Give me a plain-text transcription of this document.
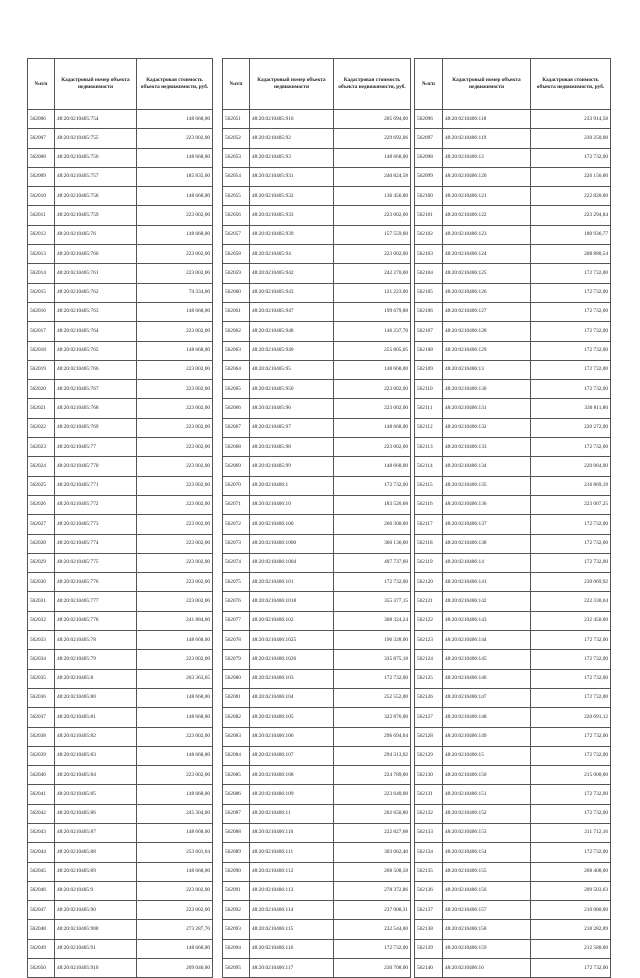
№п/п	Кадастровый номер объекта недвижимости	Кадастровая стоимость объекта недвижимости, руб.
562006	48:20:0210405:754	148 668,00
562007	48:20:0210405:755	223 002,00
562008	48:20:0210405:756	148 668,00
562009	48:20:0210405:757	185 835,00
562010	48:20:0210405:758	148 668,00
562011	48:20:0210405:759	223 002,00
562012	48:20:0210405:76	148 668,00
562013	48:20:0210405:760	223 002,00
562014	48:20:0210405:761	223 002,00
562015	48:20:0210405:762	74 334,00
562016	48:20:0210405:763	148 668,00
562017	48:20:0210405:764	223 002,00
562018	48:20:0210405:765	148 668,00
562019	48:20:0210405:766	223 002,00
562020	48:20:0210405:767	223 002,00
562021	48:20:0210405:768	223 002,00
562022	48:20:0210405:769	223 002,00
562023	48:20:0210405:77	223 002,00
562024	48:20:0210405:770	223 002,00
562025	48:20:0210405:771	223 002,00
562026	48:20:0210405:772	223 002,00
562027	48:20:0210405:773	223 002,00
562028	48:20:0210405:774	223 002,00
562029	48:20:0210405:775	223 002,00
562030	48:20:0210405:776	223 002,00
562031	48:20:0210405:777	223 002,00
562032	48:20:0210405:778	241 884,00
562033	48:20:0210405:78	148 668,00
562034	48:20:0210405:79	223 002,00
562035	48:20:0210405:8	203 363,65
562036	48:20:0210405:80	148 668,00
562037	48:20:0210405:81	148 668,00
562038	48:20:0210405:82	223 002,00
562039	48:20:0210405:83	148 668,00
562040	48:20:0210405:84	223 002,00
562041	48:20:0210405:85	148 668,00
562042	48:20:0210405:86	245 304,00
562043	48:20:0210405:87	148 668,00
562044	48:20:0210405:88	253 601,04
562045	48:20:0210405:89	148 668,00
562046	48:20:0210405:9	223 002,00
562047	48:20:0210405:90	223 002,00
562048	48:20:0210405:908	273 287,70
562049	48:20:0210405:91	148 668,00
562050	48:20:0210405:910	209 046,00
№п/п	Кадастровый номер объекта недвижимости	Кадастровая стоимость объекта недвижимости, руб.
562051	48:20:0210405:916	205 694,00
562052	48:20:0210405:92	229 692,06
562053	48:20:0210405:93	148 668,00
562054	48:20:0210405:931	240 824,58
562055	48:20:0210405:932	136 456,00
562056	48:20:0210405:933	223 002,00
562057	48:20:0210405:939	157 559,60
562058	48:20:0210405:94	223 002,00
562059	48:20:0210405:942	242 270,00
562060	48:20:0210405:943	121 223,00
562061	48:20:0210405:947	199 679,88
562062	48:20:0210405:948	146 237,70
562063	48:20:0210405:949	255 805,05
562064	48:20:0210405:95	148 668,00
562065	48:20:0210405:950	223 002,00
562066	48:20:0210405:96	223 002,00
562067	48:20:0210405:97	148 668,00
562068	48:20:0210405:98	223 002,00
562069	48:20:0210405:99	148 668,00
562070	48:20:0210406:1	172 732,00
562071	48:20:0210406:10	183 520,68
562072	48:20:0210406:100	260 300,00
562073	48:20:0210406:1000	360 136,00
562074	48:20:0210406:1004	407 737,60
562075	48:20:0210406:101	172 732,00
562076	48:20:0210406:1018	355 377,15
562077	48:20:0210406:102	308 324,24
562078	48:20:0210406:1025	196 328,00
562079	48:20:0210406:1026	335 875,18
562080	48:20:0210406:103	172 732,00
562081	48:20:0210406:104	252 552,00
562082	48:20:0210406:105	322 876,00
562083	48:20:0210406:106	296 694,04
562084	48:20:0210406:107	294 313,02
562085	48:20:0210406:108	224 789,00
562086	48:20:0210406:109	223 640,00
562087	48:20:0210406:11	202 650,80
562088	48:20:0210406:110	222 827,68
562089	48:20:0210406:111	303 062,40
562090	48:20:0210406:112	208 508,58
562091	48:20:0210406:113	278 372,86
562092	48:20:0210406:114	237 008,31
562093	48:20:0210406:115	232 544,00
562094	48:20:0210406:116	172 732,00
562095	48:20:0210406:117	230 708,00
№п/п	Кадастровый номер объекта недвижимости	Кадастровая стоимость объекта недвижимости, руб.
562096	48:20:0210406:118	233 914,58
562097	48:20:0210406:119	230 250,00
562098	48:20:0210406:12	172 732,00
562099	48:20:0210406:120	226 156,00
562100	48:20:0210406:121	222 820,00
562101	48:20:0210406:122	223 294,84
562102	48:20:0210406:123	180 936,77
562103	48:20:0210406:124	208 880,54
562104	48:20:0210406:125	172 732,00
562105	48:20:0210406:126	172 732,00
562106	48:20:0210406:127	172 732,00
562107	48:20:0210406:128	172 732,00
562108	48:20:0210406:129	172 732,00
562109	48:20:0210406:13	172 732,00
562110	48:20:0210406:130	172 732,00
562111	48:20:0210406:131	330 811,80
562112	48:20:0210406:132	220 272,00
562113	48:20:0210406:133	172 732,00
562114	48:20:0210406:134	220 064,00
562115	48:20:0210406:135	216 869,19
562116	48:20:0210406:136	223 007,25
562117	48:20:0210406:137	172 732,00
562118	48:20:0210406:138	172 732,00
562119	48:20:0210406:14	172 732,00
562120	48:20:0210406:141	230 069,92
562121	48:20:0210406:142	222 330,64
562122	48:20:0210406:143	232 450,00
562123	48:20:0210406:144	172 732,00
562124	48:20:0210406:145	172 732,00
562125	48:20:0210406:146	172 732,00
562126	48:20:0210406:147	172 732,00
562127	48:20:0210406:148	220 691,12
562128	48:20:0210406:149	172 732,00
562129	48:20:0210406:15	172 732,00
562130	48:20:0210406:150	215 000,00
562131	48:20:0210406:151	172 732,00
562132	48:20:0210406:152	172 732,00
562133	48:20:0210406:153	211 712,16
562134	48:20:0210406:154	172 732,00
562135	48:20:0210406:155	208 408,00
562136	48:20:0210406:156	209 503,63
562137	48:20:0210406:157	210 080,00
562138	48:20:0210406:158	218 282,89
562139	48:20:0210406:159	212 580,00
562140	48:20:0210406:16	172 732,00
